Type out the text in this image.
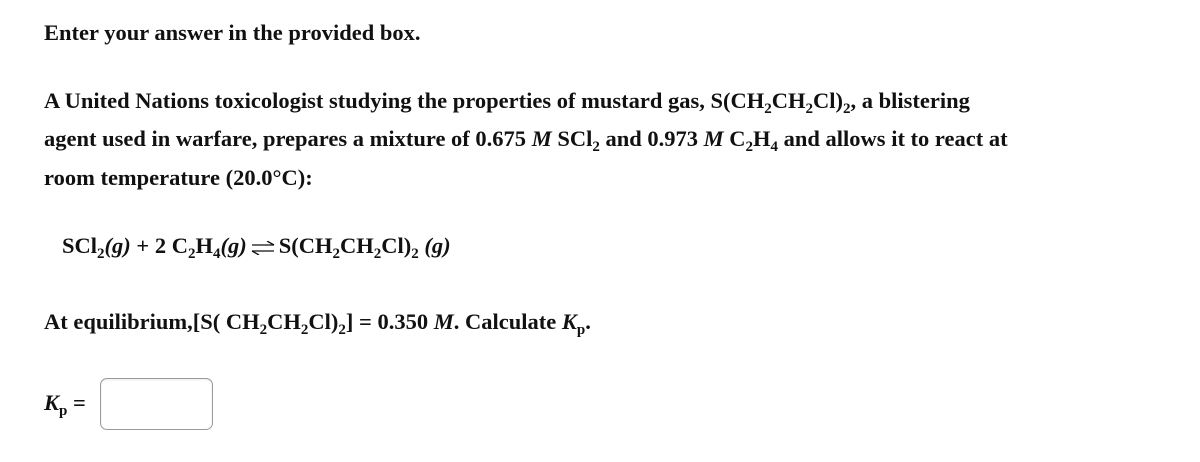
Enter your answer in the provided box.
A United Nations toxicologist studying the properties of mustard gas, $S(CH_2CH_2Cl)_2$, a blistering
agent used in warfare, prepares a mixture of 0.675 M SCl$_2$ and 0.973 M $C_2H_4$ and allows it to react at
room temperature (20.0°C):
SCl$_2$(g) + 2 $C_2H_4(g)$ ⇌ $S(CH_2CH_2Cl)_2$ (g)
At equilibrium,[S( $CH_2CH_2Cl)_2] = 0.350$ M. Calculate $K_p$.
$K_p$ =
